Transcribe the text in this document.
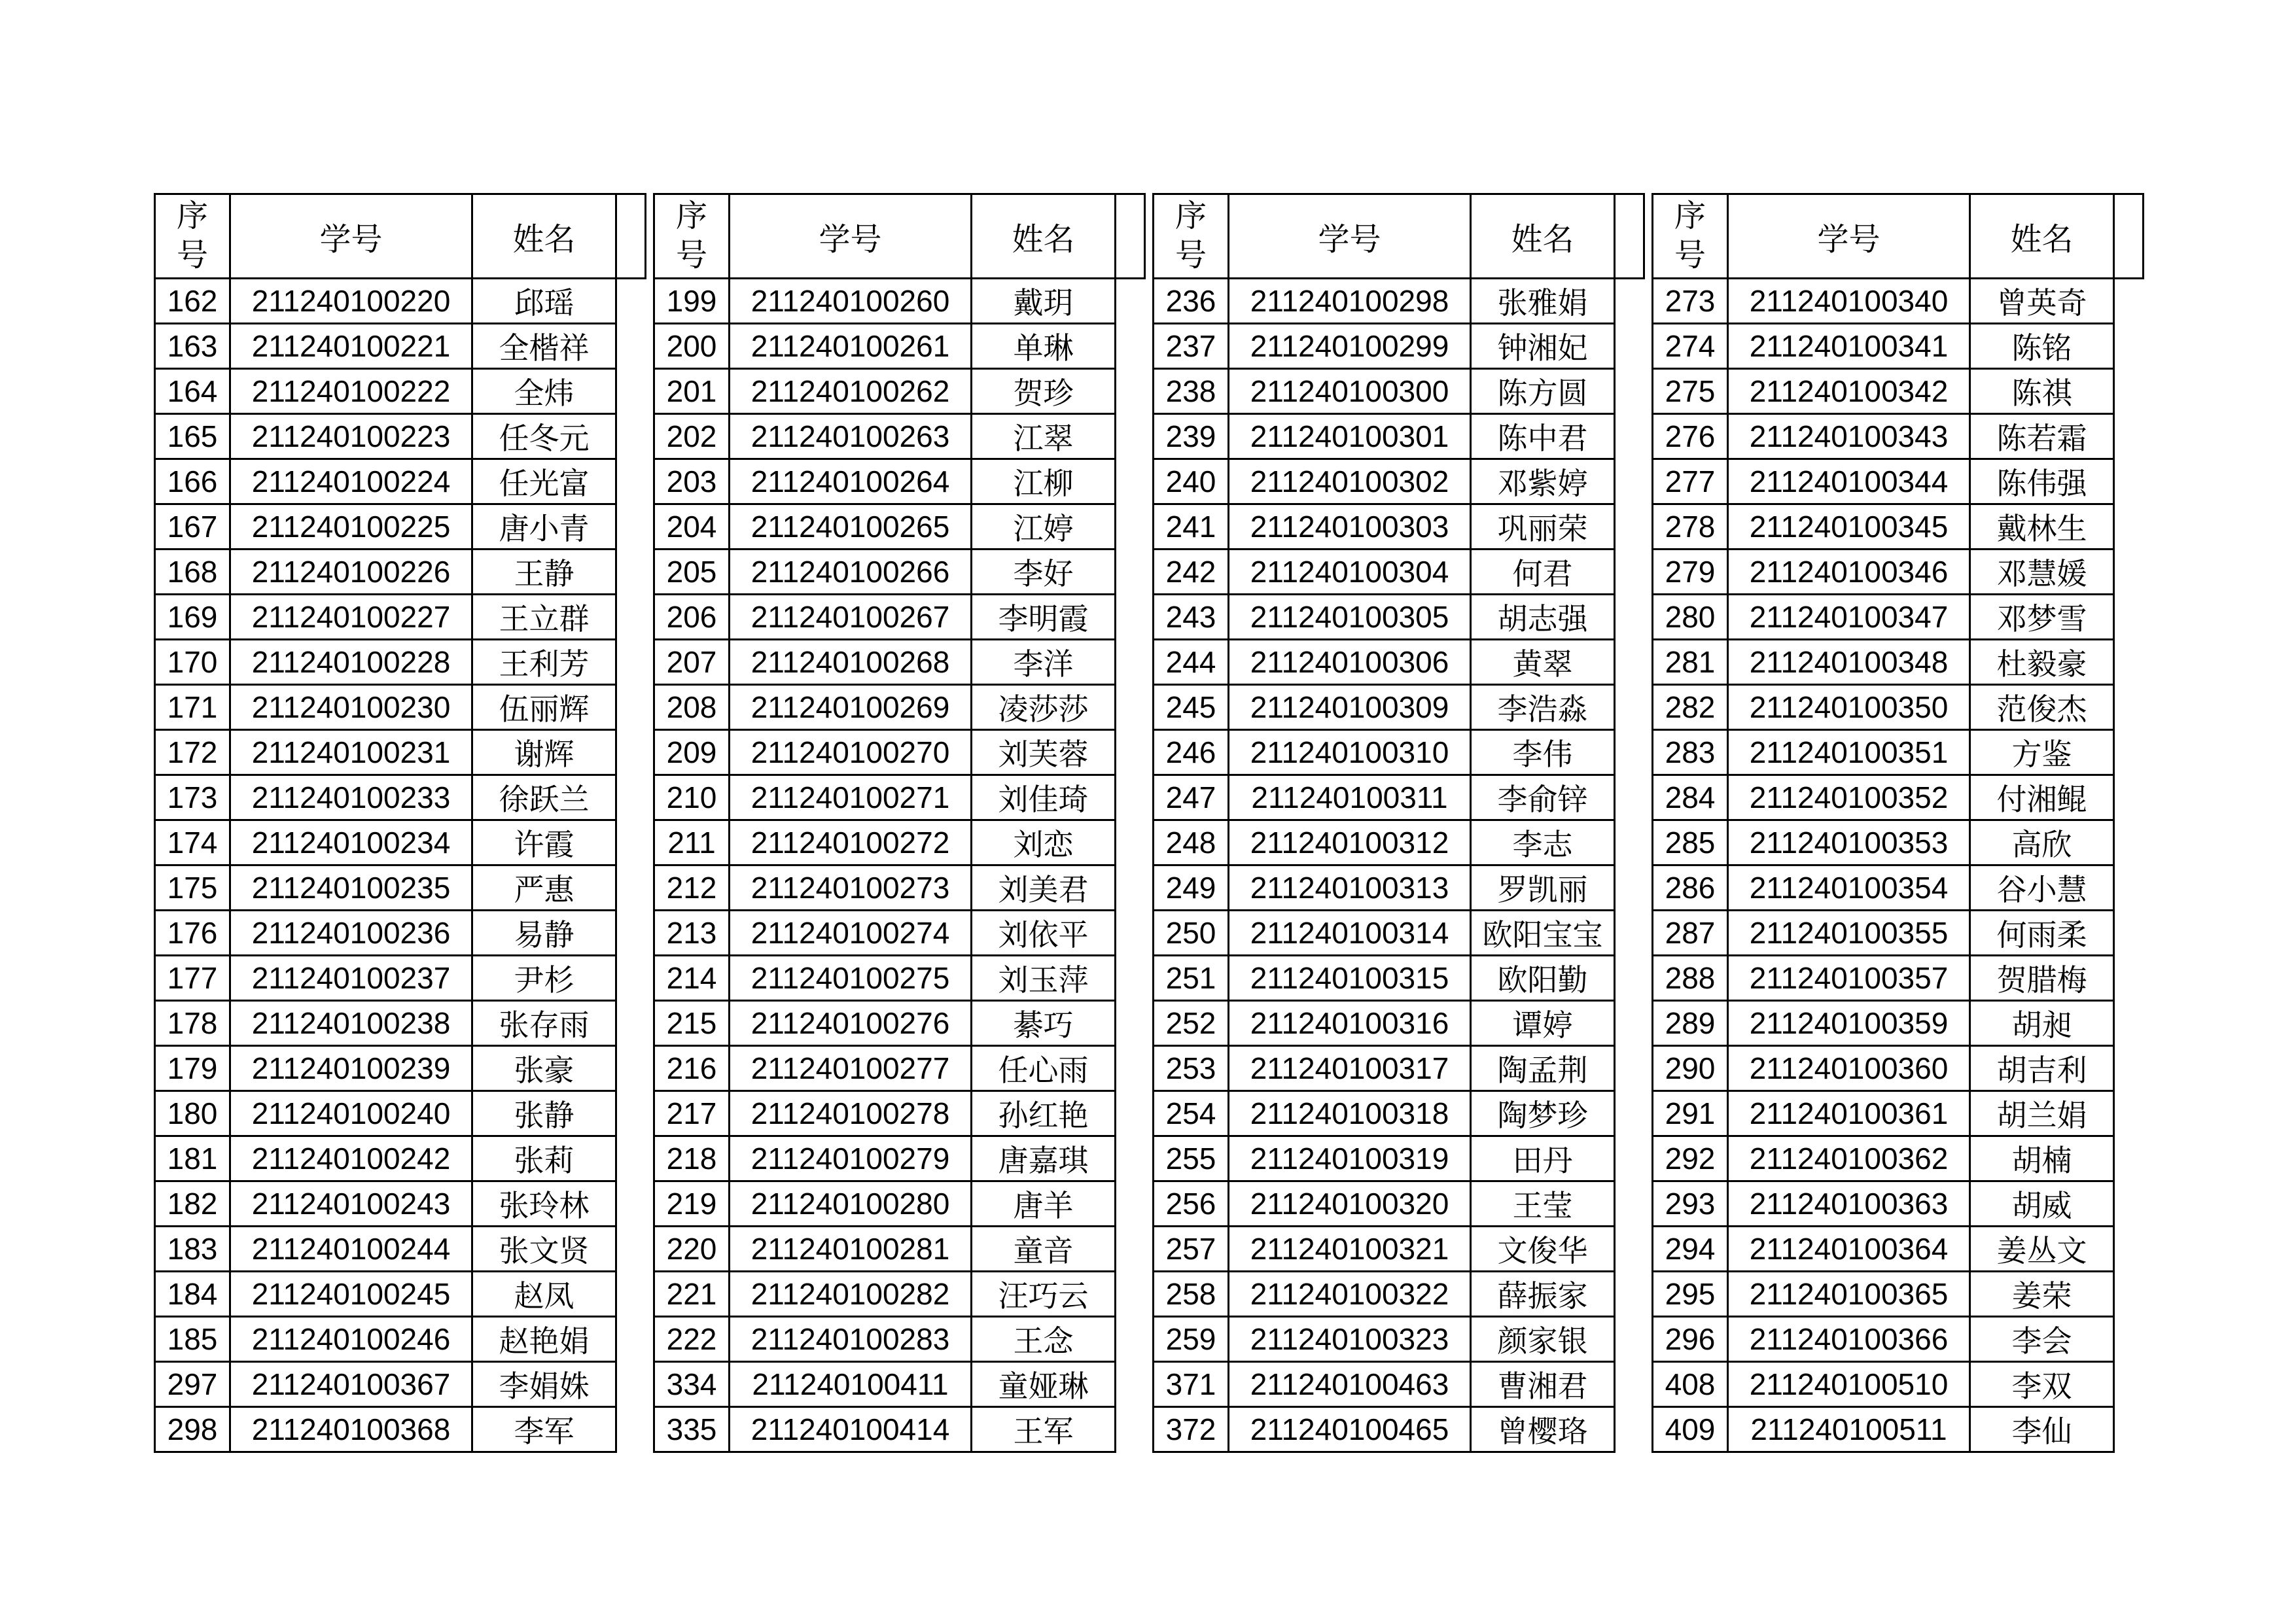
序号	学号	姓名	
162	211240100220	邱瑶	
163	211240100221	全楷祥	
164	211240100222	全炜	
165	211240100223	任冬元	
166	211240100224	任光富	
167	211240100225	唐小青	
168	211240100226	王静	
169	211240100227	王立群	
170	211240100228	王利芳	
171	211240100230	伍丽辉	
172	211240100231	谢辉	
173	211240100233	徐跃兰	
174	211240100234	许霞	
175	211240100235	严惠	
176	211240100236	易静	
177	211240100237	尹杉	
178	211240100238	张存雨	
179	211240100239	张豪	
180	211240100240	张静	
181	211240100242	张莉	
182	211240100243	张玲林	
183	211240100244	张文贤	
184	211240100245	赵凤	
185	211240100246	赵艳娟	
297	211240100367	李娟姝	
298	211240100368	李军	
序号	学号	姓名	
199	211240100260	戴玥	
200	211240100261	单琳	
201	211240100262	贺珍	
202	211240100263	江翠	
203	211240100264	江柳	
204	211240100265	江婷	
205	211240100266	李好	
206	211240100267	李明霞	
207	211240100268	李洋	
208	211240100269	凌莎莎	
209	211240100270	刘芙蓉	
210	211240100271	刘佳琦	
211	211240100272	刘恋	
212	211240100273	刘美君	
213	211240100274	刘依平	
214	211240100275	刘玉萍	
215	211240100276	綦巧	
216	211240100277	任心雨	
217	211240100278	孙红艳	
218	211240100279	唐嘉琪	
219	211240100280	唐羊	
220	211240100281	童音	
221	211240100282	汪巧云	
222	211240100283	王念	
334	211240100411	童娅琳	
335	211240100414	王军	
序号	学号	姓名	
236	211240100298	张雅娟	
237	211240100299	钟湘妃	
238	211240100300	陈方圆	
239	211240100301	陈中君	
240	211240100302	邓紫婷	
241	211240100303	巩丽荣	
242	211240100304	何君	
243	211240100305	胡志强	
244	211240100306	黄翠	
245	211240100309	李浩淼	
246	211240100310	李伟	
247	211240100311	李俞锌	
248	211240100312	李志	
249	211240100313	罗凯丽	
250	211240100314	欧阳宝宝	
251	211240100315	欧阳勤	
252	211240100316	谭婷	
253	211240100317	陶孟荆	
254	211240100318	陶梦珍	
255	211240100319	田丹	
256	211240100320	王莹	
257	211240100321	文俊华	
258	211240100322	薛振家	
259	211240100323	颜家银	
371	211240100463	曹湘君	
372	211240100465	曾樱珞	
序号	学号	姓名	
273	211240100340	曾英奇	
274	211240100341	陈铭	
275	211240100342	陈祺	
276	211240100343	陈若霜	
277	211240100344	陈伟强	
278	211240100345	戴林生	
279	211240100346	邓慧媛	
280	211240100347	邓梦雪	
281	211240100348	杜毅豪	
282	211240100350	范俊杰	
283	211240100351	方鉴	
284	211240100352	付湘鲲	
285	211240100353	高欣	
286	211240100354	谷小慧	
287	211240100355	何雨柔	
288	211240100357	贺腊梅	
289	211240100359	胡昶	
290	211240100360	胡吉利	
291	211240100361	胡兰娟	
292	211240100362	胡楠	
293	211240100363	胡威	
294	211240100364	姜丛文	
295	211240100365	姜荣	
296	211240100366	李会	
408	211240100510	李双	
409	211240100511	李仙	
